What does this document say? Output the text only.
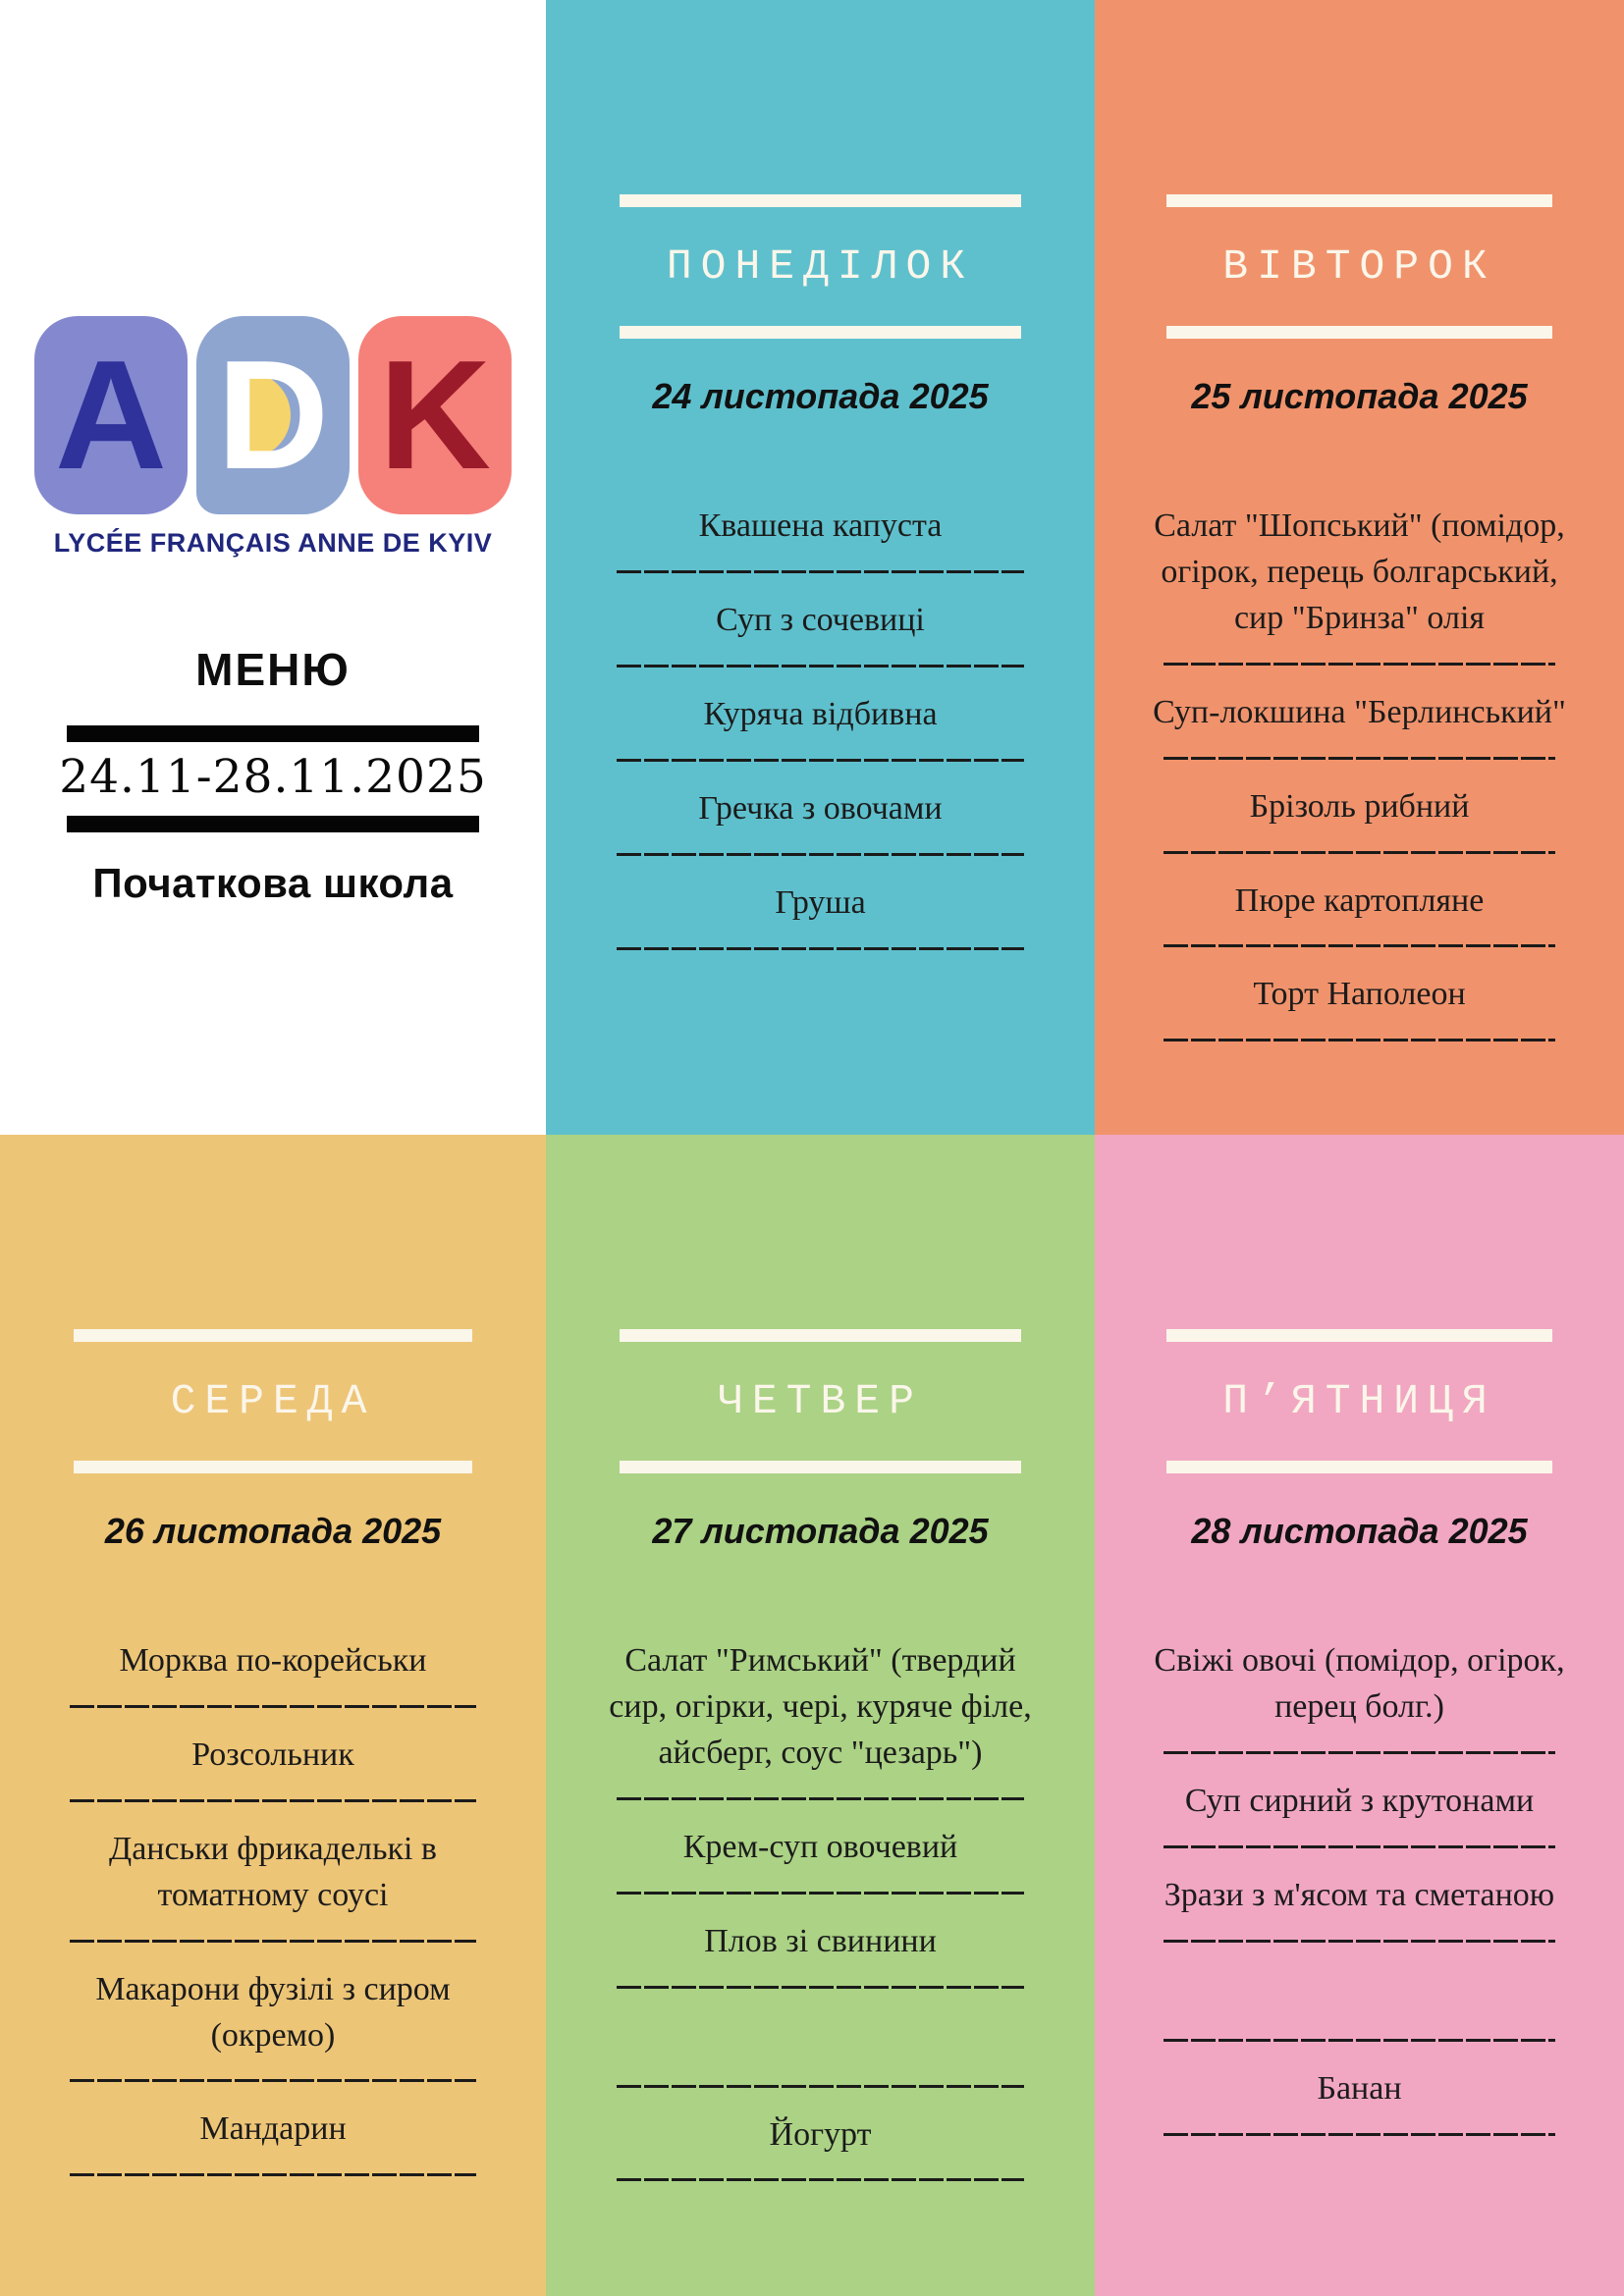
A D K
LYCÉE FRANÇAIS ANNE DE KYIV
МЕНЮ
24.11-28.11.2025
Початкова школа
ПОНЕДІЛОК
24 листопада 2025
Квашена капуста
Суп з сочевиці
Куряча відбивна
Гречка з овочами
Груша
ВІВТОРОК
25 листопада 2025
Салат "Шопський" (помідор, огірок, перець болгарський, сир "Бринза" олія
Суп-локшина "Берлинський"
Брізоль рибний
Пюре картопляне
Торт Наполеон
СЕРЕДА
26 листопада 2025
Морква по-корейськи
Розсольник
Данськи фрикаделькі в томатному соусі
Макарони фузілі з сиром (окремо)
Мандарин
ЧЕТВЕР
27 листопада 2025
Салат "Римський" (твердий сир, огірки, чері, куряче філе, айсберг, соус "цезарь")
Крем-суп овочевий
Плов зі свинини
Йогурт
П’ЯТНИЦЯ
28 листопада 2025
Свіжі овочі (помідор, огірок, перец болг.)
Суп сирний з крутонами
Зрази з м'ясом та сметаною
Банан
